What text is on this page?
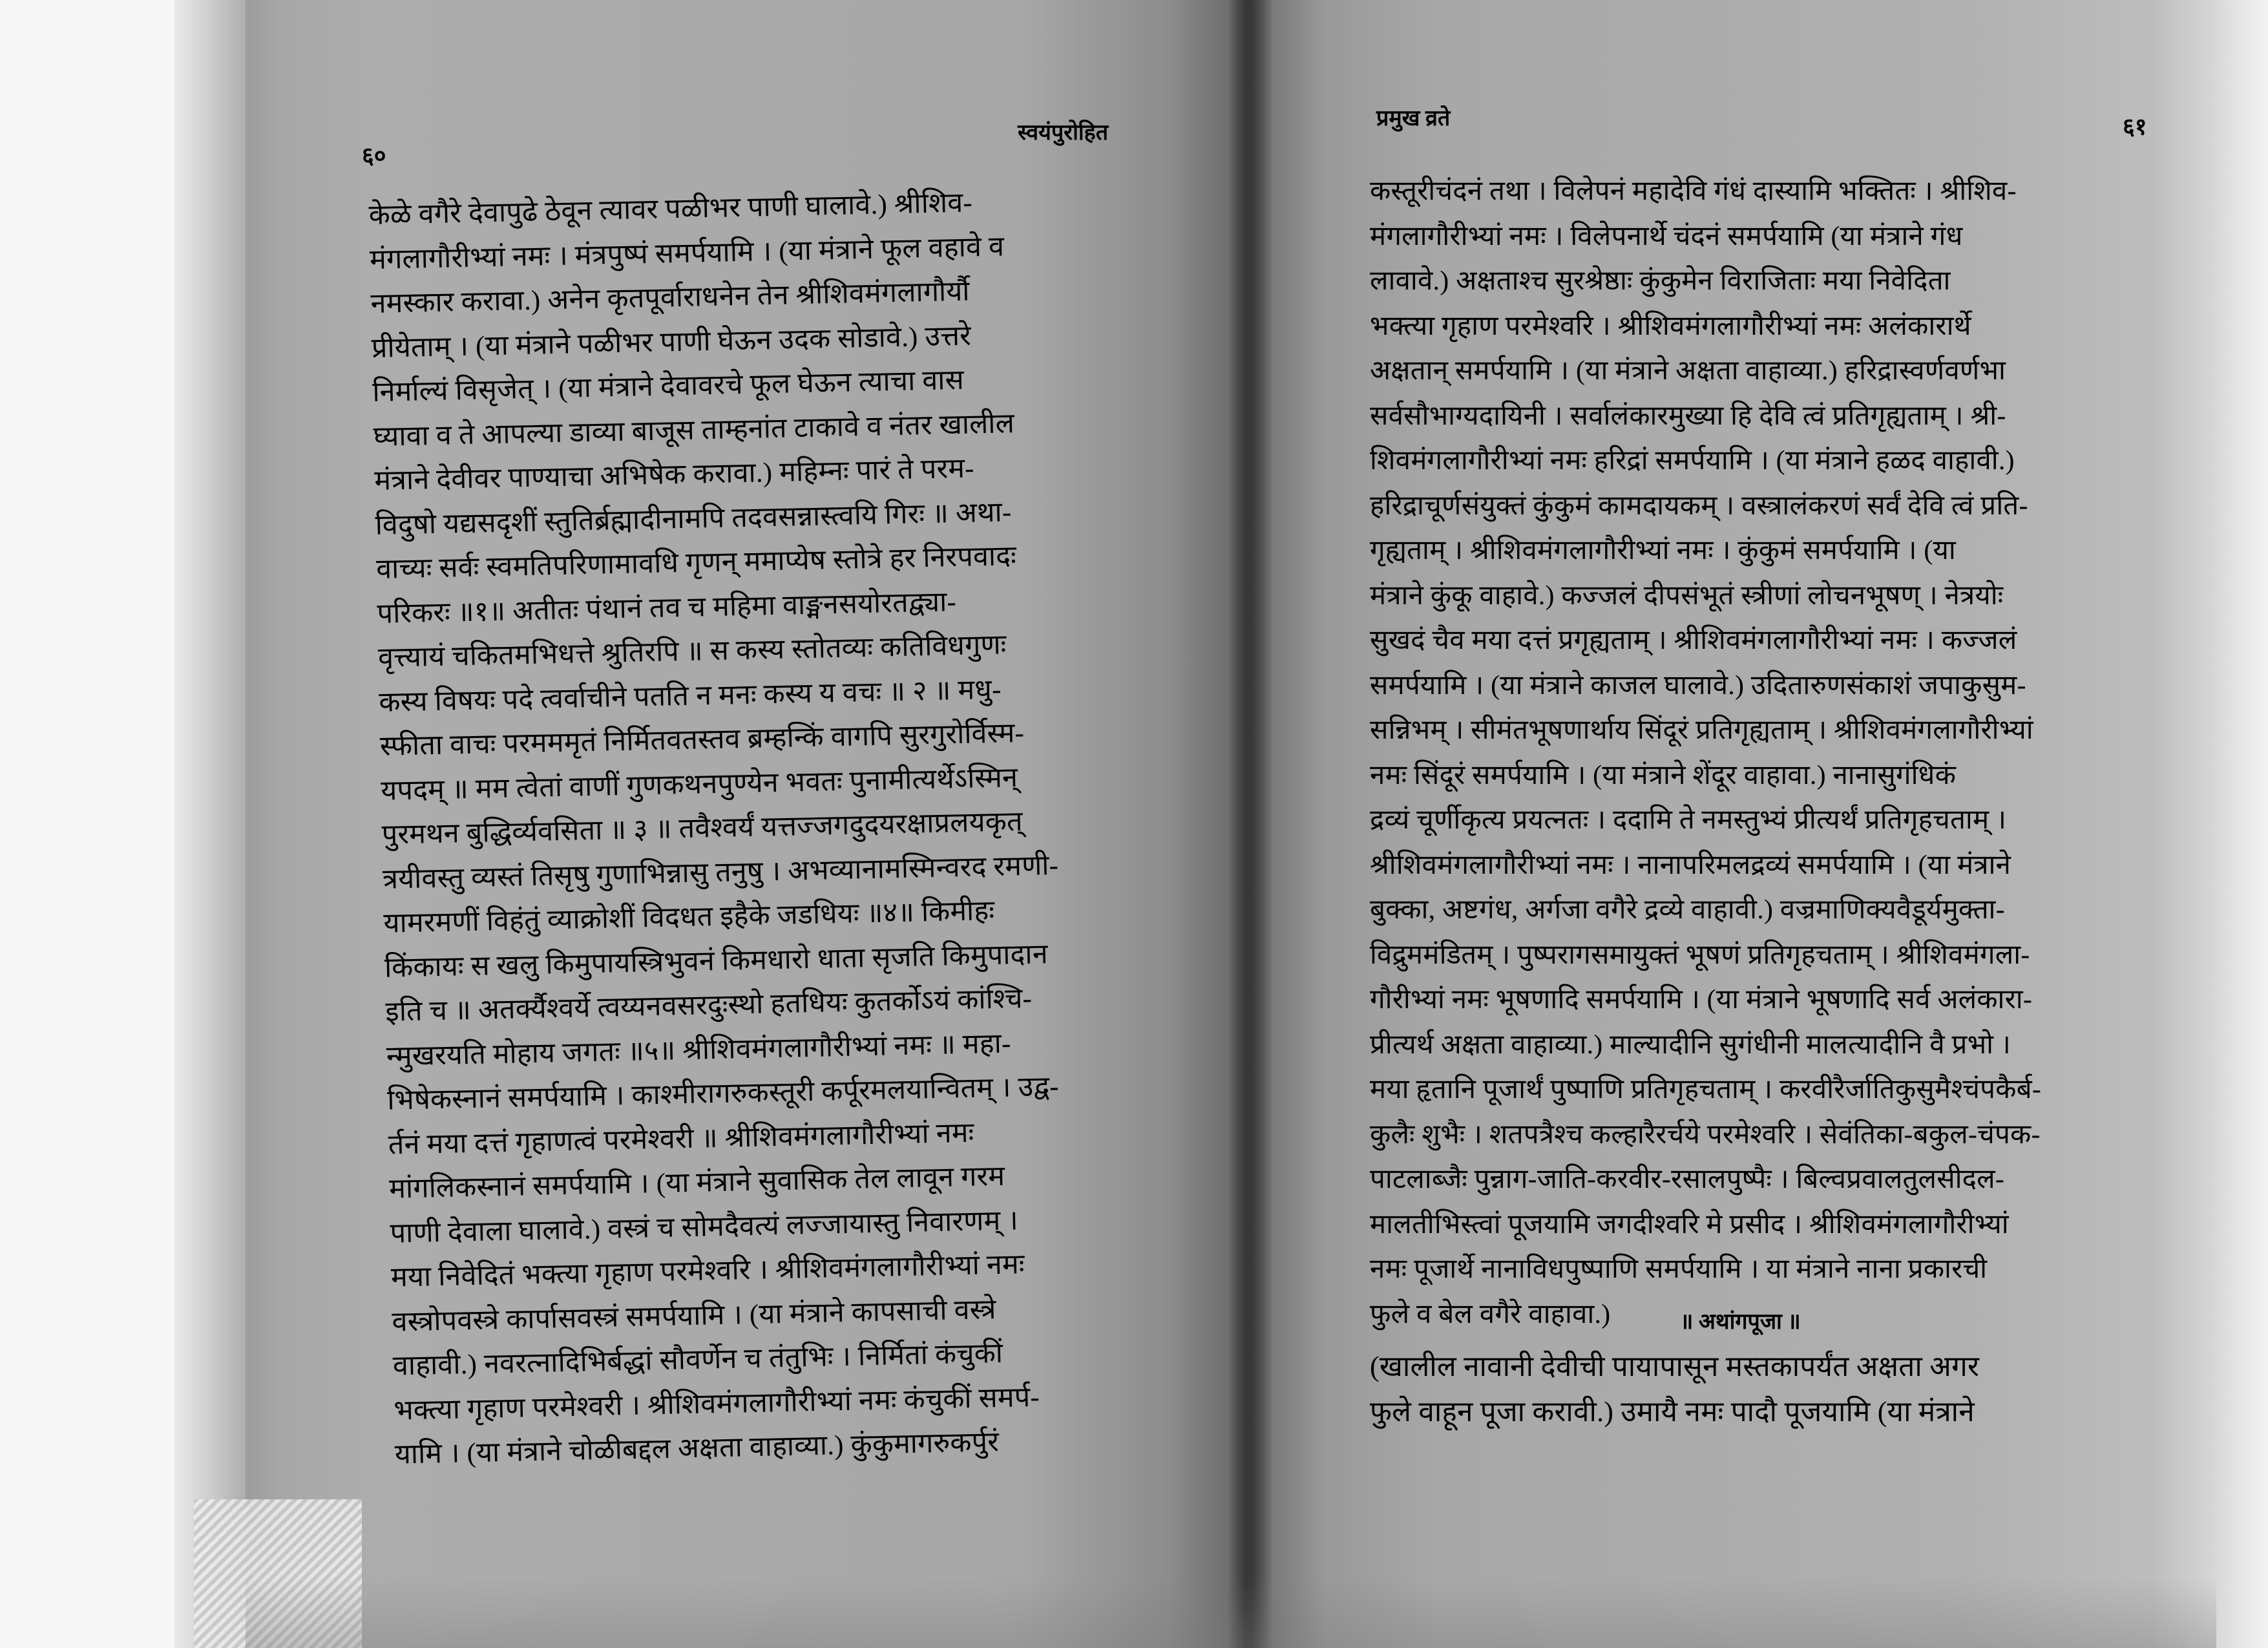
६०
स्वयंपुरोहित
केळे वगैरे देवापुढे ठेवून त्यावर पळीभर पाणी घालावे.) श्रीशिव-
मंगलागौरीभ्यां नमः । मंत्रपुष्पं समर्पयामि । (या मंत्राने फूल वहावे व
नमस्कार करावा.) अनेन कृतपूर्वाराधनेन तेन श्रीशिवमंगलागौर्यौ
प्रीयेताम् । (या मंत्राने पळीभर पाणी घेऊन उदक सोडावे.) उत्तरे
निर्माल्यं विसृजेत् । (या मंत्राने देवावरचे फूल घेऊन त्याचा वास
घ्यावा व ते आपल्या डाव्या बाजूस ताम्हनांत टाकावे व नंतर खालील
मंत्राने देवीवर पाण्याचा अभिषेक करावा.) महिम्नः पारं ते परम-
विदुषो यद्यसदृशीं स्तुतिर्ब्रह्मादीनामपि तदवसन्नास्त्वयि गिरः ॥ अथा-
वाच्यः सर्वः स्वमतिपरिणामावधि गृणन् ममाप्येष स्तोत्रे हर निरपवादः
परिकरः ॥१॥ अतीतः पंथानं तव च महिमा वाङ्मनसयोरतद्व्या-
वृत्त्यायं चकितमभिधत्ते श्रुतिरपि ॥ स कस्य स्तोतव्यः कतिविधगुणः
कस्य विषयः पदे त्वर्वाचीने पतति न मनः कस्य य वचः ॥ २ ॥ मधु-
स्फीता वाचः परमममृतं निर्मितवतस्तव ब्रम्हन्किं वागपि सुरगुरोर्विस्म-
यपदम् ॥ मम त्वेतां वाणीं गुणकथनपुण्येन भवतः पुनामीत्यर्थेऽस्मिन्
पुरमथन बुद्धिर्व्यवसिता ॥ ३ ॥ तवैश्वर्यं यत्तज्जगदुदयरक्षाप्रलयकृत्
त्रयीवस्तु व्यस्तं तिसृषु गुणाभिन्नासु तनुषु । अभव्यानामस्मिन्वरद रमणी-
यामरमणीं विहंतुं व्याक्रोशीं विदधत इहैके जडधियः ॥४॥ किमीहः
किंकायः स खलु किमुपायस्त्रिभुवनं किमधारो धाता सृजति किमुपादान
इति च ॥ अतर्क्यैश्वर्ये त्वय्यनवसरदुःस्थो हतधियः कुतर्कोऽयं कांश्चि-
न्मुखरयति मोहाय जगतः ॥५॥ श्रीशिवमंगलागौरीभ्यां नमः ॥ महा-
भिषेकस्नानं समर्पयामि । काश्मीरागरुकस्तूरी कर्पूरमलयान्वितम् । उद्व-
र्तनं मया दत्तं गृहाणत्वं परमेश्वरी ॥ श्रीशिवमंगलागौरीभ्यां नमः
मांगलिकस्नानं समर्पयामि । (या मंत्राने सुवासिक तेल लावून गरम
पाणी देवाला घालावे.) वस्त्रं च सोमदैवत्यं लज्जायास्तु निवारणम् ।
मया निवेदितं भक्त्या गृहाण परमेश्वरि । श्रीशिवमंगलागौरीभ्यां नमः
वस्त्रोपवस्त्रे कार्पासवस्त्रं समर्पयामि । (या मंत्राने कापसाची वस्त्रे
वाहावी.) नवरत्नादिभिर्बद्धां सौवर्णेन च तंतुभिः । निर्मितां कंचुकीं
भक्त्या गृहाण परमेश्वरी । श्रीशिवमंगलागौरीभ्यां नमः कंचुकीं समर्प-
यामि । (या मंत्राने चोळीबद्दल अक्षता वाहाव्या.) कुंकुमागरुकर्पुरं
प्रमुख व्रते	६१
कस्तूरीचंदनं तथा । विलेपनं महादेवि गंधं दास्यामि भक्तितः । श्रीशिव-
मंगलागौरीभ्यां नमः । विलेपनार्थे चंदनं समर्पयामि (या मंत्राने गंध
लावावे.) अक्षताश्च सुरश्रेष्ठाः कुंकुमेन विराजिताः मया निवेदिता
भक्त्या गृहाण परमेश्वरि । श्रीशिवमंगलागौरीभ्यां नमः अलंकारार्थे
अक्षतान् समर्पयामि । (या मंत्राने अक्षता वाहाव्या.) हरिद्रास्वर्णवर्णभा
सर्वसौभाग्यदायिनी । सर्वालंकारमुख्या हि देवि त्वं प्रतिगृह्यताम् । श्री-
शिवमंगलागौरीभ्यां नमः हरिद्रां समर्पयामि । (या मंत्राने हळद वाहावी.)
हरिद्राचूर्णसंयुक्तं कुंकुमं कामदायकम् । वस्त्रालंकरणं सर्वं देवि त्वं प्रति-
गृह्यताम् । श्रीशिवमंगलागौरीभ्यां नमः । कुंकुमं समर्पयामि । (या
मंत्राने कुंकू वाहावे.) कज्जलं दीपसंभूतं स्त्रीणां लोचनभूषण् । नेत्रयोः
सुखदं चैव मया दत्तं प्रगृह्यताम् । श्रीशिवमंगलागौरीभ्यां नमः । कज्जलं
समर्पयामि । (या मंत्राने काजल घालावे.) उदितारुणसंकाशं जपाकुसुम-
सन्निभम् । सीमंतभूषणार्थाय सिंदूरं प्रतिगृह्यताम् । श्रीशिवमंगलागौरीभ्यां
नमः सिंदूरं समर्पयामि । (या मंत्राने शेंदूर वाहावा.) नानासुगंधिकं
द्रव्यं चूर्णीकृत्य प्रयत्नतः । ददामि ते नमस्तुभ्यं प्रीत्यर्थं प्रतिगृहचताम् ।
श्रीशिवमंगलागौरीभ्यां नमः । नानापरिमलद्रव्यं समर्पयामि । (या मंत्राने
बुक्का, अष्टगंध, अर्गजा वगैरे द्रव्ये वाहावी.) वज्रमाणिक्यवैडूर्यमुक्ता-
विद्रुममंडितम् । पुष्परागसमायुक्तं भूषणं प्रतिगृहचताम् । श्रीशिवमंगला-
गौरीभ्यां नमः भूषणादि समर्पयामि । (या मंत्राने भूषणादि सर्व अलंकारा-
प्रीत्यर्थ अक्षता वाहाव्या.) माल्यादीनि सुगंधीनी मालत्यादीनि वै प्रभो ।
मया हृतानि पूजार्थं पुष्पाणि प्रतिगृहचताम् । करवीरैर्जातिकुसुमैश्चंपकैर्ब-
कुलैः शुभैः । शतपत्रैश्च कल्हारैरर्चये परमेश्वरि । सेवंतिका-बकुल-चंपक-
पाटलाब्जैः पुन्नाग-जाति-करवीर-रसालपुष्पैः । बिल्वप्रवालतुलसीदल-
मालतीभिस्त्वां पूजयामि जगदीश्वरि मे प्रसीद । श्रीशिवमंगलागौरीभ्यां
नमः पूजार्थे नानाविधपुष्पाणि समर्पयामि । या मंत्राने नाना प्रकारची
फुले व बेल वगैरे वाहावा.)	॥ अथांगपूजा ॥
(खालील नावानी देवीची पायापासून मस्तकापर्यंत अक्षता अगर
फुले वाहून पूजा करावी.) उमायै नमः पादौ पूजयामि (या मंत्राने
